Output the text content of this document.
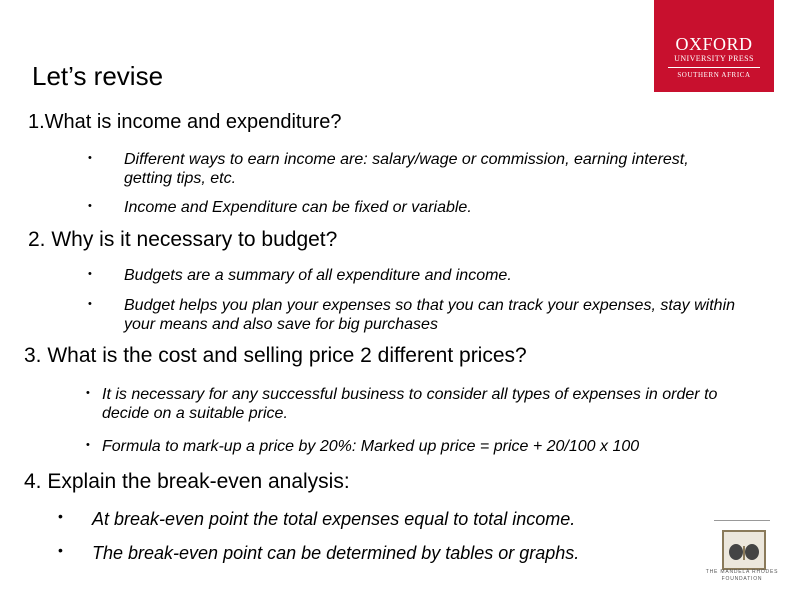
OXFORD
UNIVERSITY PRESS
SOUTHERN AFRICA
Let’s revise
1.What is income and expenditure?
• Different ways to earn income are: salary/wage or commission, earning interest, getting tips, etc.
• Income and Expenditure can be fixed or variable.
2. Why is it necessary to budget?
• Budgets are a summary of all expenditure and income.
• Budget helps you plan your expenses so that you can track your expenses, stay within your means and also save for big purchases
3. What is the cost and selling price 2 different prices?
• It is necessary for any successful business to consider all types of expenses in order to decide on a suitable price.
• Formula to mark-up a price by 20%: Marked up price = price + 20/100 x 100
4. Explain the break-even analysis:
• At break-even point the total expenses equal to total income.
• The break-even point can be determined by tables or graphs.
THE MANDELA RHODES
FOUNDATION
